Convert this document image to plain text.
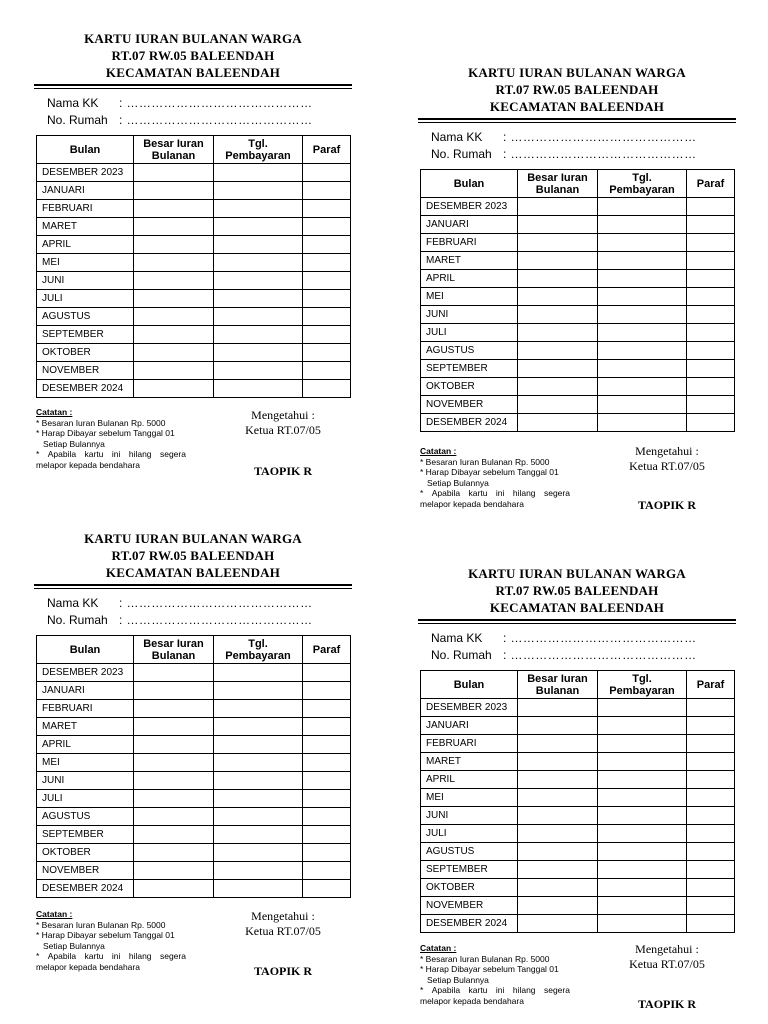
KARTU IURAN BULANAN WARGA
RT.07 RW.05 BALEENDAH
KECAMATAN BALEENDAH
Nama KK	: ………………………………………
No. Rumah : ………………………………………
Bulan	Besar Iuran Bulanan	Tgl. Pembayaran	Paraf
DESEMBER 2023			
JANUARI			
FEBRUARI			
MARET			
APRIL			
MEI			
JUNI			
JULI			
AGUSTUS			
SEPTEMBER			
OKTOBER			
NOVEMBER			
DESEMBER 2024			
Catatan :
* Besaran Iuran Bulanan Rp. 5000
* Harap Dibayar sebelum Tanggal 01
Setiap Bulannya
* Apabila kartu ini hilang segera
melapor kepada bendahara
Mengetahui :
Ketua RT.07/05
TAOPIK R
KARTU IURAN BULANAN WARGA
RT.07 RW.05 BALEENDAH
KECAMATAN BALEENDAH
Nama KK	: ………………………………………
No. Rumah : ………………………………………
Bulan	Besar Iuran Bulanan	Tgl. Pembayaran	Paraf
DESEMBER 2023			
JANUARI			
FEBRUARI			
MARET			
APRIL			
MEI			
JUNI			
JULI			
AGUSTUS			
SEPTEMBER			
OKTOBER			
NOVEMBER			
DESEMBER 2024			
Catatan :
* Besaran Iuran Bulanan Rp. 5000
* Harap Dibayar sebelum Tanggal 01
Setiap Bulannya
* Apabila kartu ini hilang segera
melapor kepada bendahara
Mengetahui :
Ketua RT.07/05
TAOPIK R
KARTU IURAN BULANAN WARGA
RT.07 RW.05 BALEENDAH
KECAMATAN BALEENDAH
Nama KK	: ………………………………………
No. Rumah : ………………………………………
Bulan	Besar Iuran Bulanan	Tgl. Pembayaran	Paraf
DESEMBER 2023			
JANUARI			
FEBRUARI			
MARET			
APRIL			
MEI			
JUNI			
JULI			
AGUSTUS			
SEPTEMBER			
OKTOBER			
NOVEMBER			
DESEMBER 2024			
Catatan :
* Besaran Iuran Bulanan Rp. 5000
* Harap Dibayar sebelum Tanggal 01
Setiap Bulannya
* Apabila kartu ini hilang segera
melapor kepada bendahara
Mengetahui :
Ketua RT.07/05
TAOPIK R
KARTU IURAN BULANAN WARGA
RT.07 RW.05 BALEENDAH
KECAMATAN BALEENDAH
Nama KK	: ………………………………………
No. Rumah : ………………………………………
Bulan	Besar Iuran Bulanan	Tgl. Pembayaran	Paraf
DESEMBER 2023			
JANUARI			
FEBRUARI			
MARET			
APRIL			
MEI			
JUNI			
JULI			
AGUSTUS			
SEPTEMBER			
OKTOBER			
NOVEMBER			
DESEMBER 2024			
Catatan :
* Besaran Iuran Bulanan Rp. 5000
* Harap Dibayar sebelum Tanggal 01
Setiap Bulannya
* Apabila kartu ini hilang segera
melapor kepada bendahara
Mengetahui :
Ketua RT.07/05
TAOPIK R
